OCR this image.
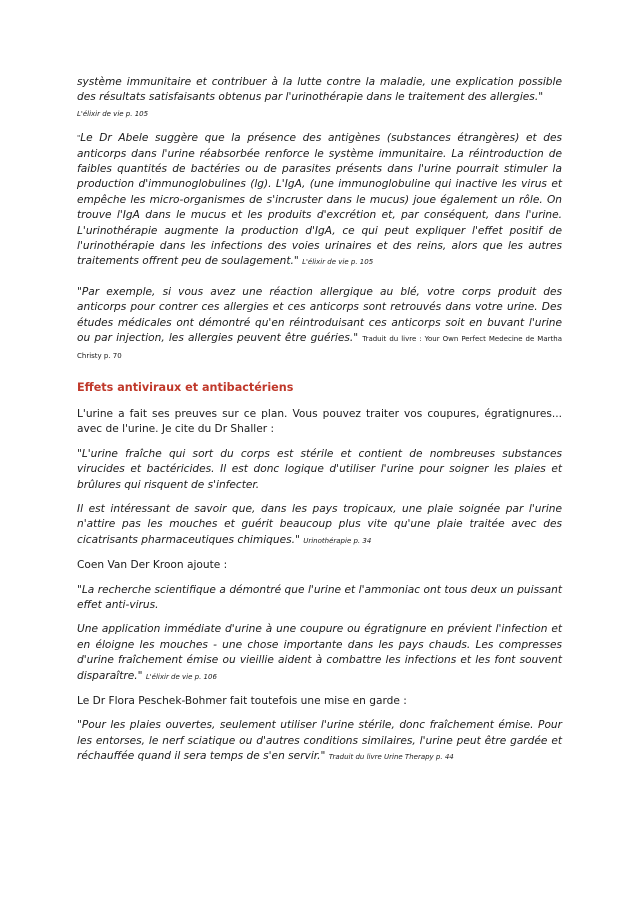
système immunitaire et contribuer à la lutte contre la maladie, une explication possible des résultats satisfaisants obtenus par l'urinothérapie dans le traitement des allergies."
L'élixir de vie p. 105

"Le Dr Abele suggère que la présence des antigènes (substances étrangères) et des anticorps dans l'urine réabsorbée renforce le système immunitaire. La réintroduction de faibles quantités de bactéries ou de parasites présents dans l'urine pourrait stimuler la production d'immunoglobulines (lg). L'IgA, (une immunoglobuline qui inactive les virus et empêche les micro-organismes de s'incruster dans le mucus) joue également un rôle. On trouve l'IgA dans le mucus et les produits d'excrétion et, par conséquent, dans l'urine. L'urinothérapie augmente la production d'IgA, ce qui peut expliquer l'effet positif de l'urinothérapie dans les infections des voies urinaires et des reins, alors que les autres traitements offrent peu de soulagement." L'élixir de vie p. 105

"Par exemple, si vous avez une réaction allergique au blé, votre corps produit des anticorps pour contrer ces allergies et ces anticorps sont retrouvés dans votre urine. Des études médicales ont démontré qu'en réintroduisant ces anticorps soit en buvant l'urine ou par injection, les allergies peuvent être guéries." Traduit du livre : Your Own Perfect Medecine de Martha Christy p. 70

Effets antiviraux et antibactériens

L'urine a fait ses preuves sur ce plan. Vous pouvez traiter vos coupures, égratignures... avec de l'urine. Je cite du Dr Shaller :

"L'urine fraîche qui sort du corps est stérile et contient de nombreuses substances virucides et bactéricides. Il est donc logique d'utiliser l'urine pour soigner les plaies et brûlures qui risquent de s'infecter.

Il est intéressant de savoir que, dans les pays tropicaux, une plaie soignée par l'urine n'attire pas les mouches et guérit beaucoup plus vite qu'une plaie traitée avec des cicatrisants pharmaceutiques chimiques." Urinothérapie p. 34

Coen Van Der Kroon ajoute :

"La recherche scientifique a démontré que l'urine et l'ammoniac ont tous deux un puissant effet anti-virus.

Une application immédiate d'urine à une coupure ou égratignure en prévient l'infection et en éloigne les mouches - une chose importante dans les pays chauds. Les compresses d'urine fraîchement émise ou vieillie aident à combattre les infections et les font souvent disparaître." L'élixir de vie p. 106

Le Dr Flora Peschek-Bohmer fait toutefois une mise en garde :

"Pour les plaies ouvertes, seulement utiliser l'urine stérile, donc fraîchement émise. Pour les entorses, le nerf sciatique ou d'autres conditions similaires, l'urine peut être gardée et réchauffée quand il sera temps de s'en servir." Traduit du livre Urine Therapy p. 44
